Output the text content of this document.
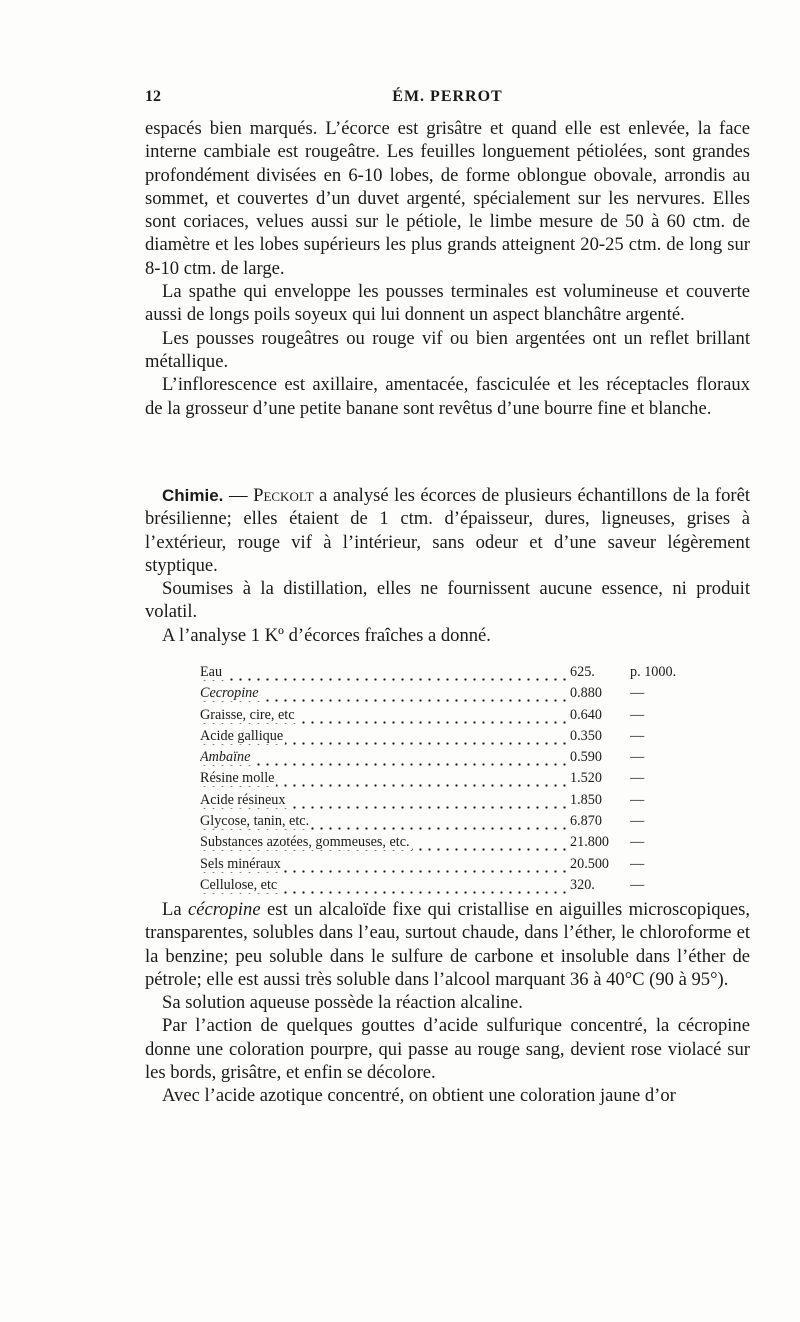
12	ÉM. PERROT

espacés bien marqués. L’écorce est grisâtre et quand elle est enlevée, la face interne cambiale est rougeâtre. Les feuilles longuement pétiolées, sont grandes profondément divisées en 6-10 lobes, de forme oblongue obovale, arrondis au sommet, et couvertes d’un duvet argenté, spécialement sur les nervures. Elles sont coriaces, velues aussi sur le pétiole, le limbe mesure de 50 à 60 ctm. de diamètre et les lobes supérieurs les plus grands atteignent 20-25 ctm. de long sur 8-10 ctm. de large.

La spathe qui enveloppe les pousses terminales est volumineuse et couverte aussi de longs poils soyeux qui lui donnent un aspect blanchâtre argenté.

Les pousses rougeâtres ou rouge vif ou bien argentées ont un reflet brillant métallique.

L’inflorescence est axillaire, amentacée, fasciculée et les réceptacles floraux de la grosseur d’une petite banane sont revêtus d’une bourre fine et blanche.

Chimie. — Peckolt a analysé les écorces de plusieurs échantillons de la forêt brésilienne; elles étaient de 1 ctm. d’épaisseur, dures, ligneuses, grises à l’extérieur, rouge vif à l’intérieur, sans odeur et d’une saveur légèrement styptique.

Soumises à la distillation, elles ne fournissent aucune essence, ni produit volatil.

A l’analyse 1 Kº d’écorces fraîches a donné.

Eau	625.	p. 1000.
Cecropine	0.880	—
Graisse, cire, etc	0.640	—
Acide gallique	0.350	—
Ambaïne	0.590	—
Résine molle	1.520	—
Acide résineux	1.850	—
Glycose, tanin, etc.	6.870	—
Substances azotées, gommeuses, etc.	21.800	—
Sels minéraux	20.500	—
Cellulose, etc	320.	—

La cécropine est un alcaloïde fixe qui cristallise en aiguilles microscopiques, transparentes, solubles dans l’eau, surtout chaude, dans l’éther, le chloroforme et la benzine; peu soluble dans le sulfure de carbone et insoluble dans l’éther de pétrole; elle est aussi très soluble dans l’alcool marquant 36 à 40°C (90 à 95°).

Sa solution aqueuse possède la réaction alcaline.

Par l’action de quelques gouttes d’acide sulfurique concentré, la cécropine donne une coloration pourpre, qui passe au rouge sang, devient rose violacé sur les bords, grisâtre, et enfin se décolore.

Avec l’acide azotique concentré, on obtient une coloration jaune d’or
